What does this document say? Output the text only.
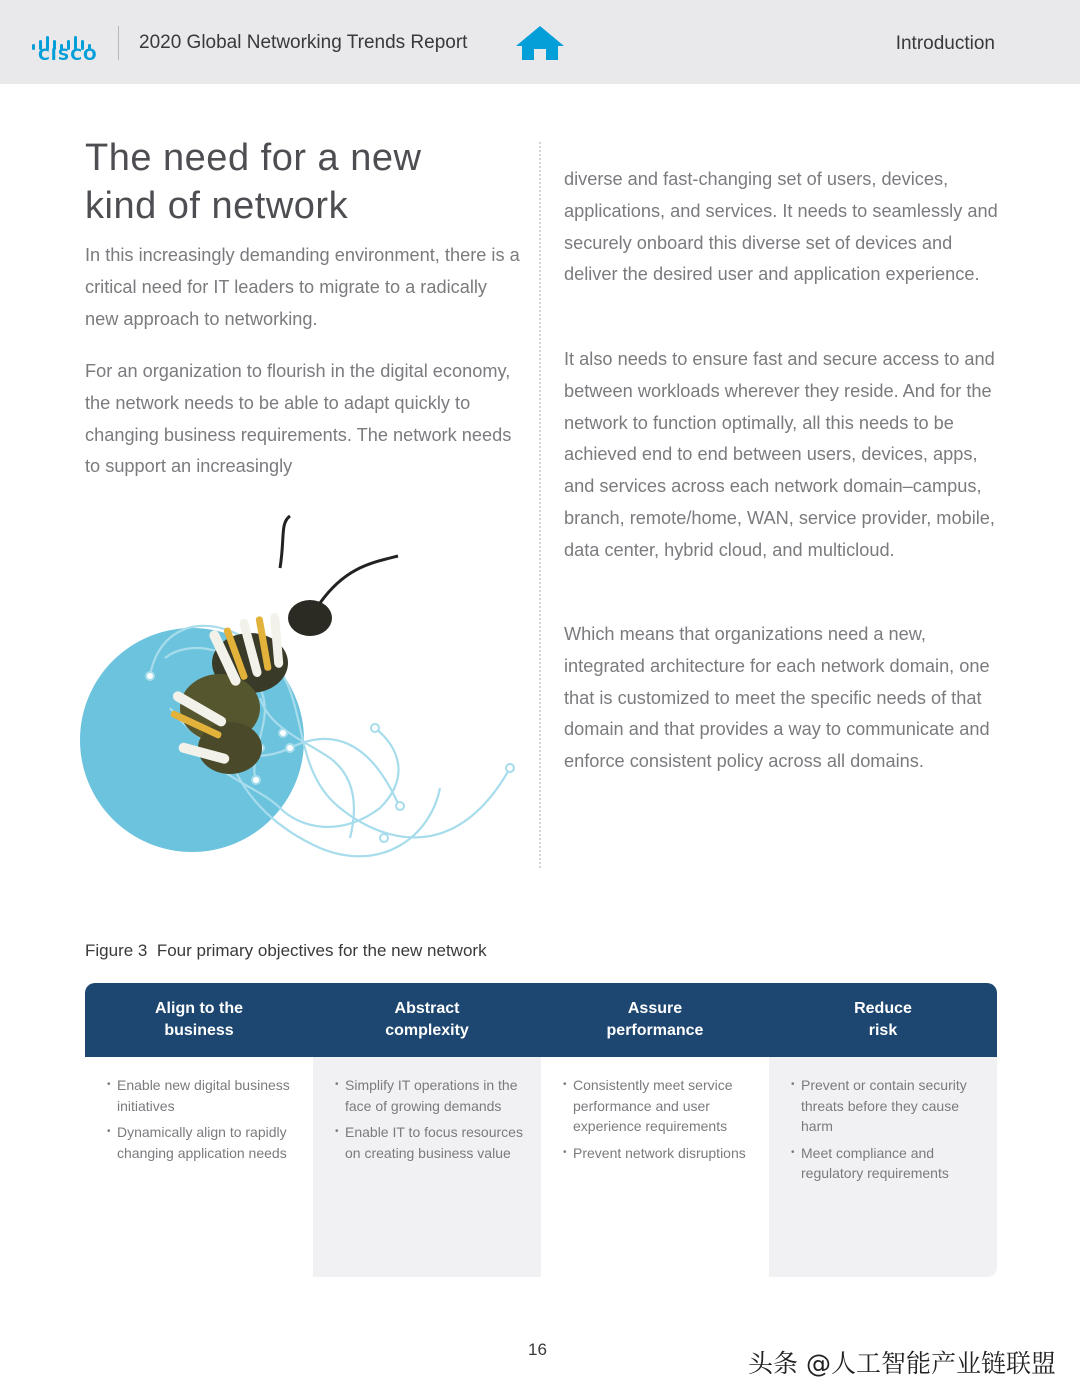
CISCO
2020 Global Networking Trends Report	Introduction
The need for a new
kind of network

In this increasingly demanding environment, there is a critical need for IT leaders to migrate to a radically new approach to networking.

For an organization to flourish in the digital economy, the network needs to be able to adapt quickly to changing business requirements. The network needs to support an increasingly

diverse and fast-changing set of users, devices, applications, and services. It needs to seamlessly and securely onboard this diverse set of devices and deliver the desired user and application experience.

It also needs to ensure fast and secure access to and between workloads wherever they reside. And for the network to function optimally, all this needs to be achieved end to end between users, devices, apps, and services across each network domain–campus, branch, remote/home, WAN, service provider, mobile, data center, hybrid cloud, and multicloud.

Which means that organizations need a new, integrated architecture for each network domain, one that is customized to meet the specific needs of that domain and that provides a way to communicate and enforce consistent policy across all domains.

Figure 3 Four primary objectives for the new network
Align to the
business
Abstract
complexity
Assure
performance
Reduce
risk
• Enable new digital business initiatives
• Dynamically align to rapidly changing application needs
• Simplify IT operations in the face of growing demands
• Enable IT to focus resources on creating business value
• Consistently meet service performance and user experience requirements
• Prevent network disruptions
• Prevent or contain security threats before they cause harm
• Meet compliance and regulatory requirements
16	头条 @人工智能产业链联盟
